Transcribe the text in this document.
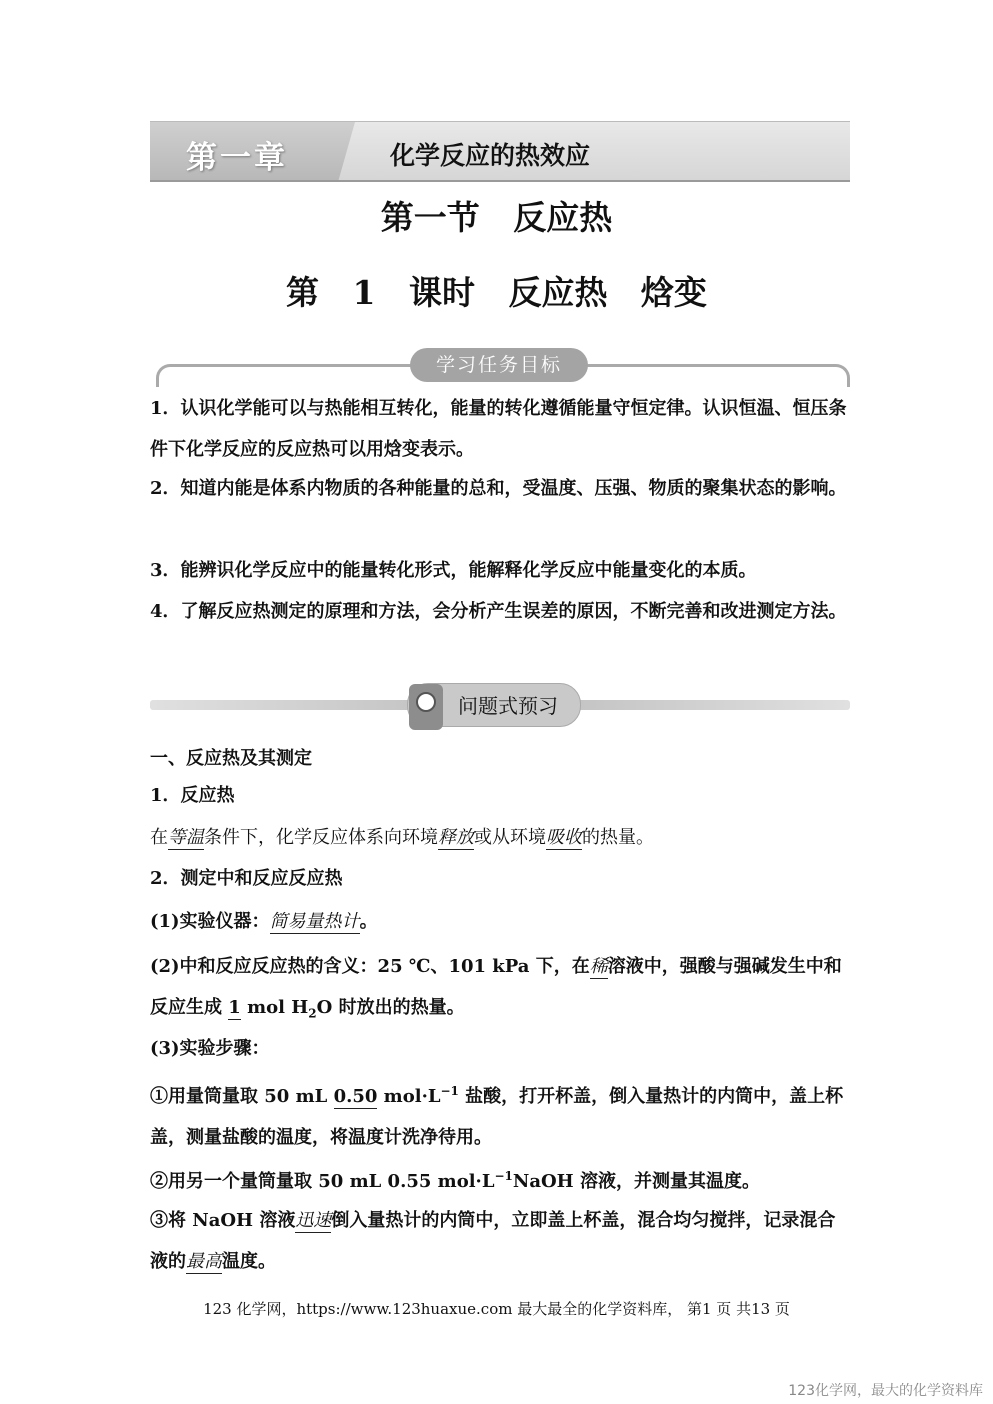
第一章	化学反应的热效应
第一节 反应热
第 1 课时 反应热 焓变
学习任务目标
1．认识化学能可以与热能相互转化，能量的转化遵循能量守恒定律。认识恒温、恒压条件下化学反应的反应热可以用焓变表示。
2．知道内能是体系内物质的各种能量的总和，受温度、压强、物质的聚集状态的影响。
3．能辨识化学反应中的能量转化形式，能解释化学反应中能量变化的本质。
4．了解反应热测定的原理和方法，会分析产生误差的原因，不断完善和改进测定方法。
问题式预习
一、反应热及其测定
1．反应热
在等温条件下，化学反应体系向环境释放或从环境吸收的热量。
2．测定中和反应反应热
(1)实验仪器：简易量热计。
(2)中和反应反应热的含义：25 ℃、101 kPa 下，在稀溶液中，强酸与强碱发生中和反应生成 1 mol $H_2O$ 时放出的热量。
(3)实验步骤：
①用量筒量取 50 mL 0.50 $mol\cdot L^{-1}$ 盐酸，打开杯盖，倒入量热计的内筒中，盖上杯盖，测量盐酸的温度，将温度计洗净待用。
②用另一个量筒量取 50 mL 0.55 $mol\cdot L^{-1}NaOH$ 溶液，并测量其温度。
③将 NaOH 溶液迅速倒入量热计的内筒中，立即盖上杯盖，混合均匀搅拌，记录混合液的最高温度。
123 化学网，https://www.123huaxue.com 最大最全的化学资料库， 第1 页 共13 页
123化学网，最大的化学资料库
